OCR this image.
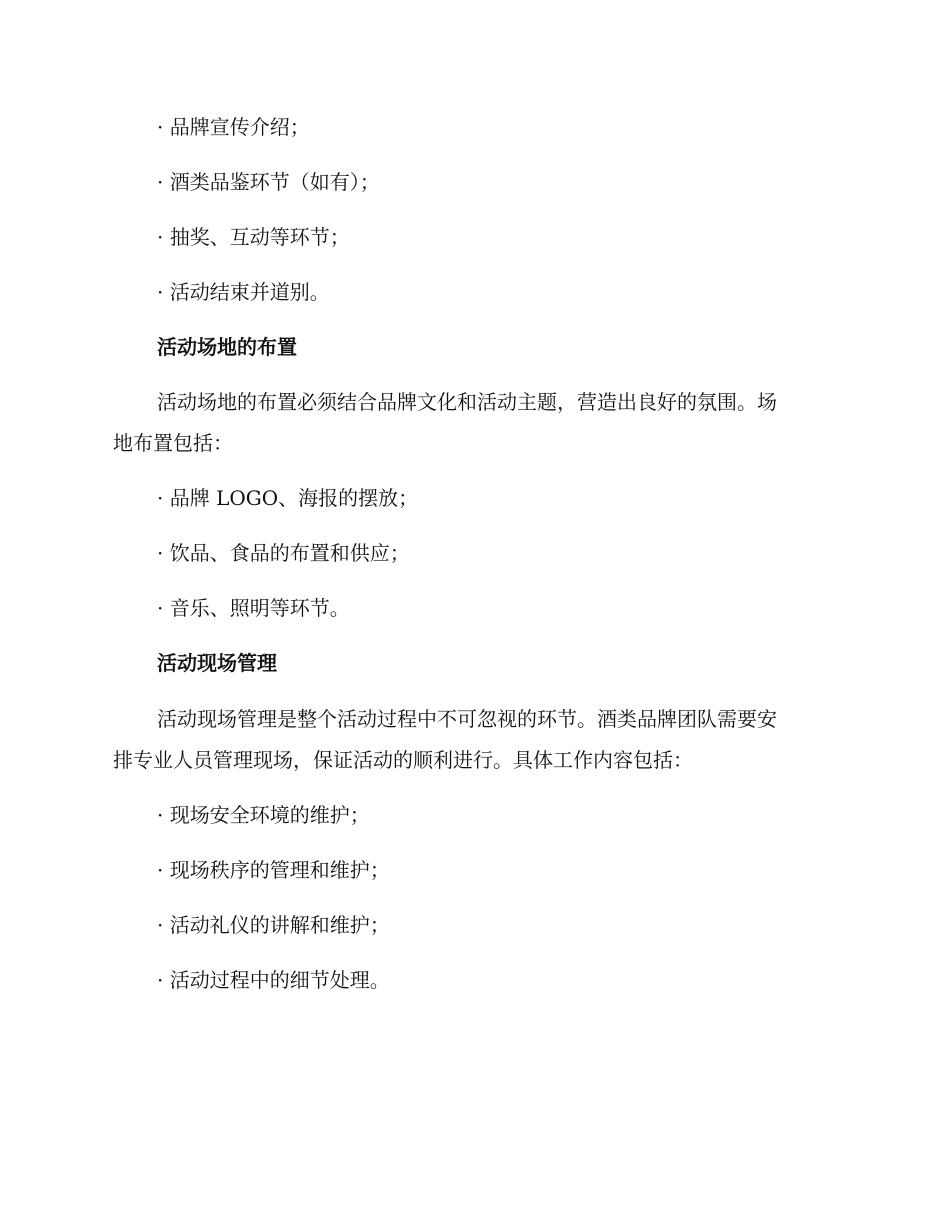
· 品牌宣传介绍；
· 酒类品鉴环节（如有）；
· 抽奖、互动等环节；
· 活动结束并道别。
活动场地的布置
活动场地的布置必须结合品牌文化和活动主题，营造出良好的氛围。场
地布置包括：
· 品牌 LOGO、海报的摆放；
· 饮品、食品的布置和供应；
· 音乐、照明等环节。
活动现场管理
活动现场管理是整个活动过程中不可忽视的环节。酒类品牌团队需要安
排专业人员管理现场，保证活动的顺利进行。具体工作内容包括：
· 现场安全环境的维护；
· 现场秩序的管理和维护；
· 活动礼仪的讲解和维护；
· 活动过程中的细节处理。
